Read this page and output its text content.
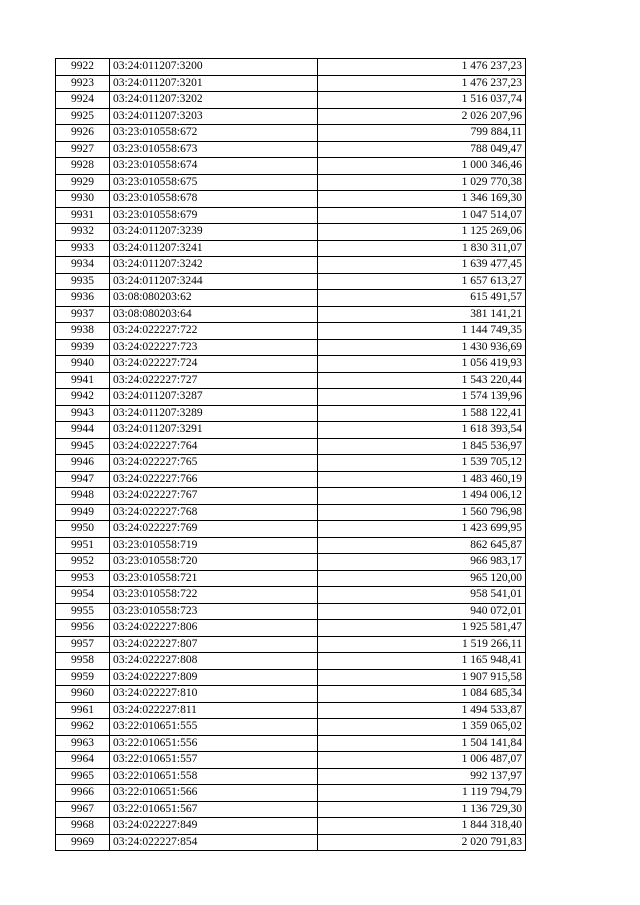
9922	03:24:011207:3200	1 476 237,23
9923	03:24:011207:3201	1 476 237,23
9924	03:24:011207:3202	1 516 037,74
9925	03:24:011207:3203	2 026 207,96
9926	03:23:010558:672	799 884,11
9927	03:23:010558:673	788 049,47
9928	03:23:010558:674	1 000 346,46
9929	03:23:010558:675	1 029 770,38
9930	03:23:010558:678	1 346 169,30
9931	03:23:010558:679	1 047 514,07
9932	03:24:011207:3239	1 125 269,06
9933	03:24:011207:3241	1 830 311,07
9934	03:24:011207:3242	1 639 477,45
9935	03:24:011207:3244	1 657 613,27
9936	03:08:080203:62	615 491,57
9937	03:08:080203:64	381 141,21
9938	03:24:022227:722	1 144 749,35
9939	03:24:022227:723	1 430 936,69
9940	03:24:022227:724	1 056 419,93
9941	03:24:022227:727	1 543 220,44
9942	03:24:011207:3287	1 574 139,96
9943	03:24:011207:3289	1 588 122,41
9944	03:24:011207:3291	1 618 393,54
9945	03:24:022227:764	1 845 536,97
9946	03:24:022227:765	1 539 705,12
9947	03:24:022227:766	1 483 460,19
9948	03:24:022227:767	1 494 006,12
9949	03:24:022227:768	1 560 796,98
9950	03:24:022227:769	1 423 699,95
9951	03:23:010558:719	862 645,87
9952	03:23:010558:720	966 983,17
9953	03:23:010558:721	965 120,00
9954	03:23:010558:722	958 541,01
9955	03:23:010558:723	940 072,01
9956	03:24:022227:806	1 925 581,47
9957	03:24:022227:807	1 519 266,11
9958	03:24:022227:808	1 165 948,41
9959	03:24:022227:809	1 907 915,58
9960	03:24:022227:810	1 084 685,34
9961	03:24:022227:811	1 494 533,87
9962	03:22:010651:555	1 359 065,02
9963	03:22:010651:556	1 504 141,84
9964	03:22:010651:557	1 006 487,07
9965	03:22:010651:558	992 137,97
9966	03:22:010651:566	1 119 794,79
9967	03:22:010651:567	1 136 729,30
9968	03:24:022227:849	1 844 318,40
9969	03:24:022227:854	2 020 791,83
